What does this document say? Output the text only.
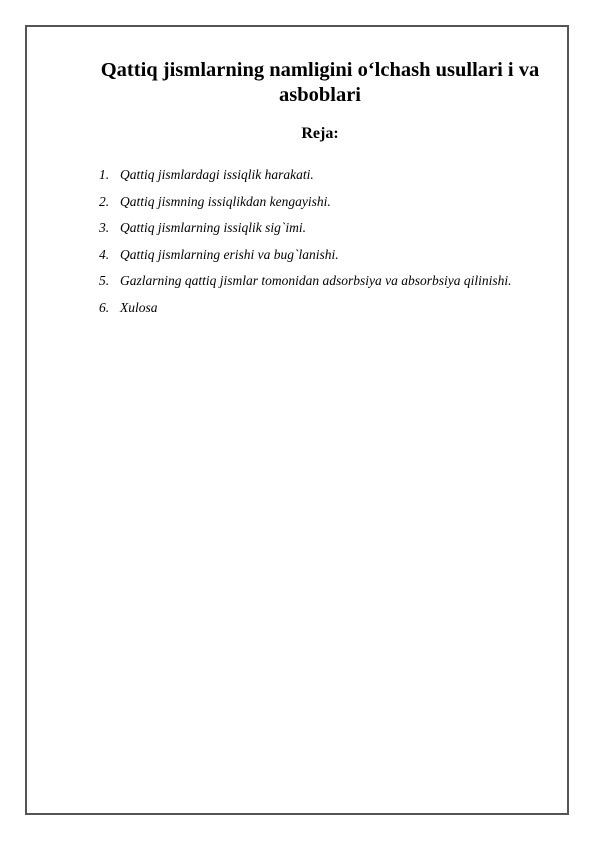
Qattiq jismlarning namligini o‘lchash usullari i va asboblari
Reja:
1. Qattiq jismlardagi issiqlik harakati.
2. Qattiq jismning issiqlikdan kengayishi.
3. Qattiq jismlarning issiqlik sig`imi.
4. Qattiq jismlarning erishi va bug`lanishi.
5. Gazlarning qattiq jismlar tomonidan adsorbsiya va absorbsiya qilinishi.
6. Xulosa
